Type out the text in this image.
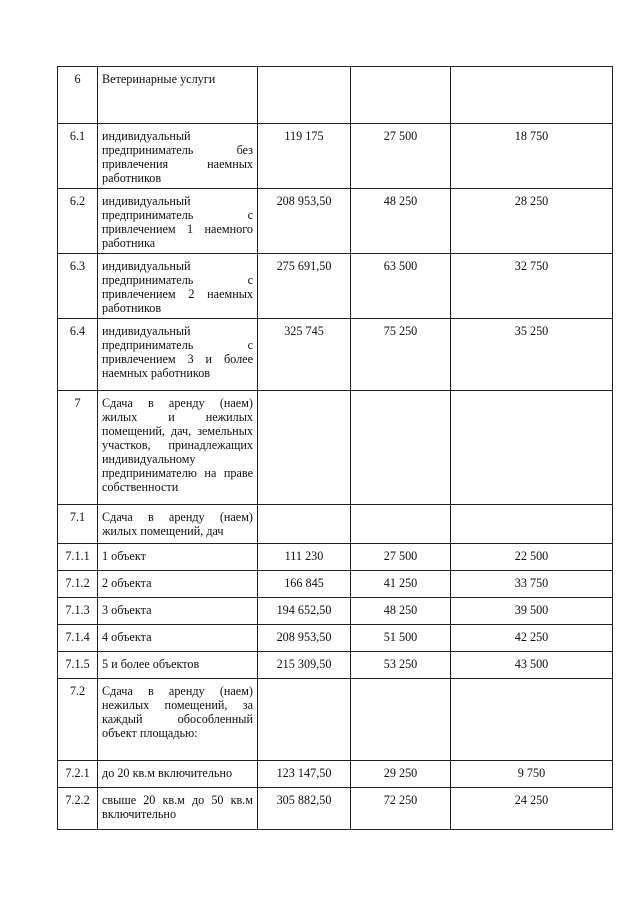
6	Ветеринарные услуги			
6.1	индивидуальный предприниматель без привлечения наемных работников	119 175	27 500	18 750
6.2	индивидуальный предприниматель с привлечением 1 наемного работника	208 953,50	48 250	28 250
6.3	индивидуальный предприниматель с привлечением 2 наемных работников	275 691,50	63 500	32 750
6.4	индивидуальный предприниматель с привлечением 3 и более наемных работников	325 745	75 250	35 250
7	Сдача в аренду (наем) жилых и нежилых помещений, дач, земельных участков, принадлежащих индивидуальному предпринимателю на праве собственности			
7.1	Сдача в аренду (наем) жилых помещений, дач			
7.1.1	1 объект	111 230	27 500	22 500
7.1.2	2 объекта	166 845	41 250	33 750
7.1.3	3 объекта	194 652,50	48 250	39 500
7.1.4	4 объекта	208 953,50	51 500	42 250
7.1.5	5 и более объектов	215 309,50	53 250	43 500
7.2	Сдача в аренду (наем) нежилых помещений, за каждый обособленный объект площадью:			
7.2.1	до 20 кв.м включительно	123 147,50	29 250	9 750
7.2.2	свыше 20 кв.м до 50 кв.м включительно	305 882,50	72 250	24 250
